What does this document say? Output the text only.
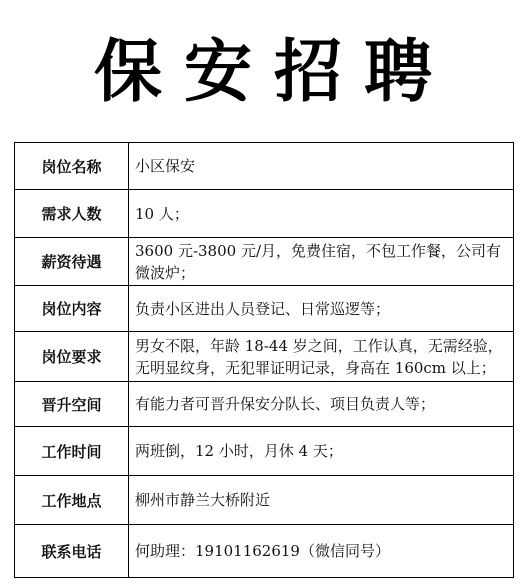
保安招聘
岗位名称	小区保安
需求人数	10 人；
薪资待遇	3600 元-3800 元/月，免费住宿，不包工作餐，公司有微波炉；
岗位内容	负责小区进出人员登记、日常巡逻等；
岗位要求	男女不限，年龄 18-44 岁之间，工作认真，无需经验，无明显纹身，无犯罪证明记录，身高在 160cm 以上；
晋升空间	有能力者可晋升保安分队长、项目负责人等；
工作时间	两班倒，12 小时，月休 4 天；
工作地点	柳州市静兰大桥附近
联系电话	何助理：19101162619（微信同号）
